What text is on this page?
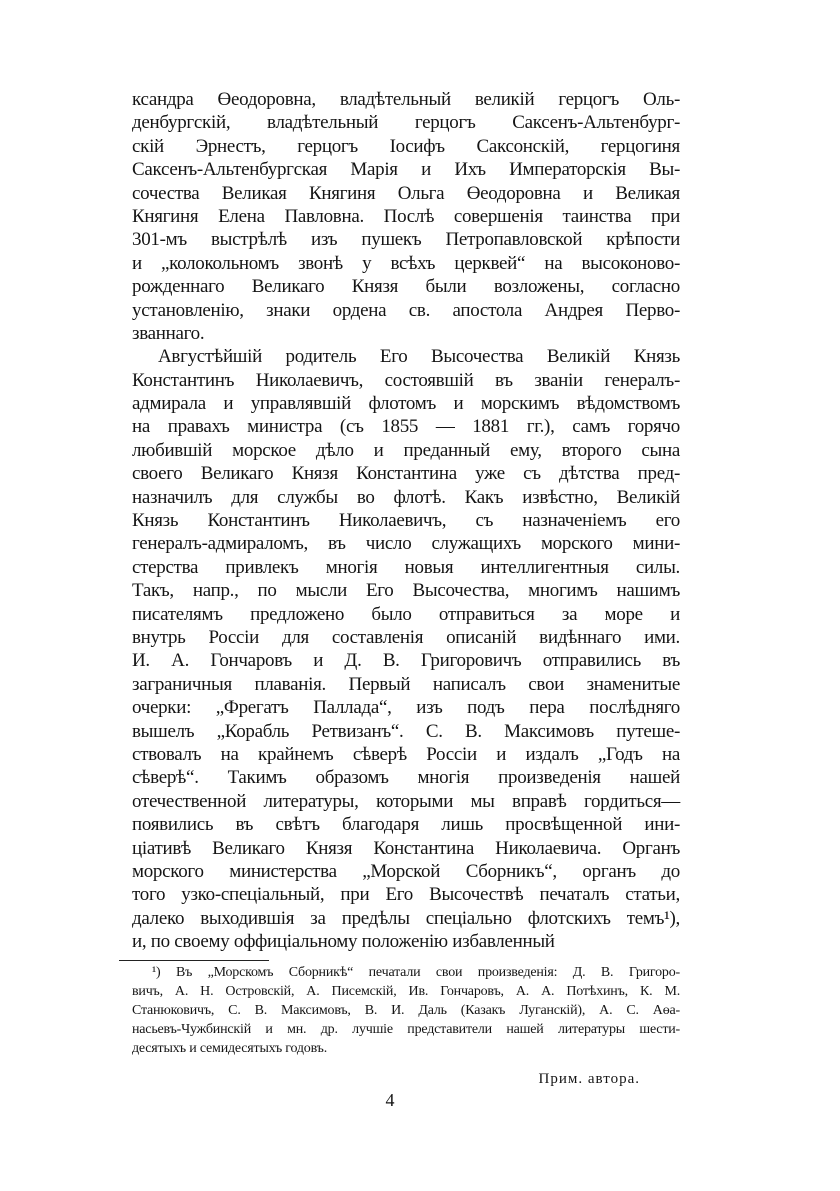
ксандра Өеодоровна, владѣтельный великій герцогъ Оль-
денбургскій, владѣтельный герцогъ Саксенъ-Альтенбург-
скій Эрнестъ, герцогъ Іосифъ Саксонскій, герцогиня
Саксенъ-Альтенбургская Марія и Ихъ Императорскія Вы-
сочества Великая Княгиня Ольга Өеодоровна и Великая
Княгиня Елена Павловна. Послѣ совершенія таинства при
301-мъ выстрѣлѣ изъ пушекъ Петропавловской крѣпости
и „колокольномъ звонѣ у всѣхъ церквей“ на высоконово-
рожденнаго Великаго Князя были возложены, согласно
установленію, знаки ордена св. апостола Андрея Перво-
званнаго.
Августѣйшій родитель Его Высочества Великій Князь
Константинъ Николаевичъ, состоявшій въ званіи генералъ-
адмирала и управлявшій флотомъ и морскимъ вѣдомствомъ
на правахъ министра (съ 1855 — 1881 гг.), самъ горячо
любившій морское дѣло и преданный ему, второго сына
своего Великаго Князя Константина уже съ дѣтства пред-
назначилъ для службы во флотѣ. Какъ извѣстно, Великій
Князь Константинъ Николаевичъ, съ назначеніемъ его
генералъ-адмираломъ, въ число служащихъ морского мини-
стерства привлекъ многія новыя интеллигентныя силы.
Такъ, напр., по мысли Его Высочества, многимъ нашимъ
писателямъ предложено было отправиться за море и
внутрь Россіи для составленія описаній видѣннаго ими.
И. А. Гончаровъ и Д. В. Григоровичъ отправились въ
заграничныя плаванія. Первый написалъ свои знаменитые
очерки: „Фрегатъ Паллада“, изъ подъ пера послѣдняго
вышелъ „Корабль Ретвизанъ“. С. В. Максимовъ путеше-
ствовалъ на крайнемъ сѣверѣ Россіи и издалъ „Годъ на
сѣверѣ“. Такимъ образомъ многія произведенія нашей
отечественной литературы, которыми мы вправѣ гордиться—
появились въ свѣтъ благодаря лишь просвѣщенной ини-
ціативѣ Великаго Князя Константина Николаевича. Органъ
морского министерства „Морской Сборникъ“, органъ до
того узко-спеціальный, при Его Высочествѣ печаталъ статьи,
далеко выходившія за предѣлы спеціально флотскихъ темъ¹),
и, по своему оффиціальному положенію избавленный
¹) Въ „Морскомъ Сборникѣ“ печатали свои произведенія: Д. В. Григоро-
вичъ, А. Н. Островскій, А. Писемскій, Ив. Гончаровъ, А. А. Потѣхинъ, К. М.
Станюковичъ, С. В. Максимовъ, В. И. Даль (Казакъ Луганскій), А. С. Аөа-
насьевъ-Чужбинскій и мн. др. лучшіе представители нашей литературы шести-
десятыхъ и семидесятыхъ годовъ.
Прим. автора.
4
